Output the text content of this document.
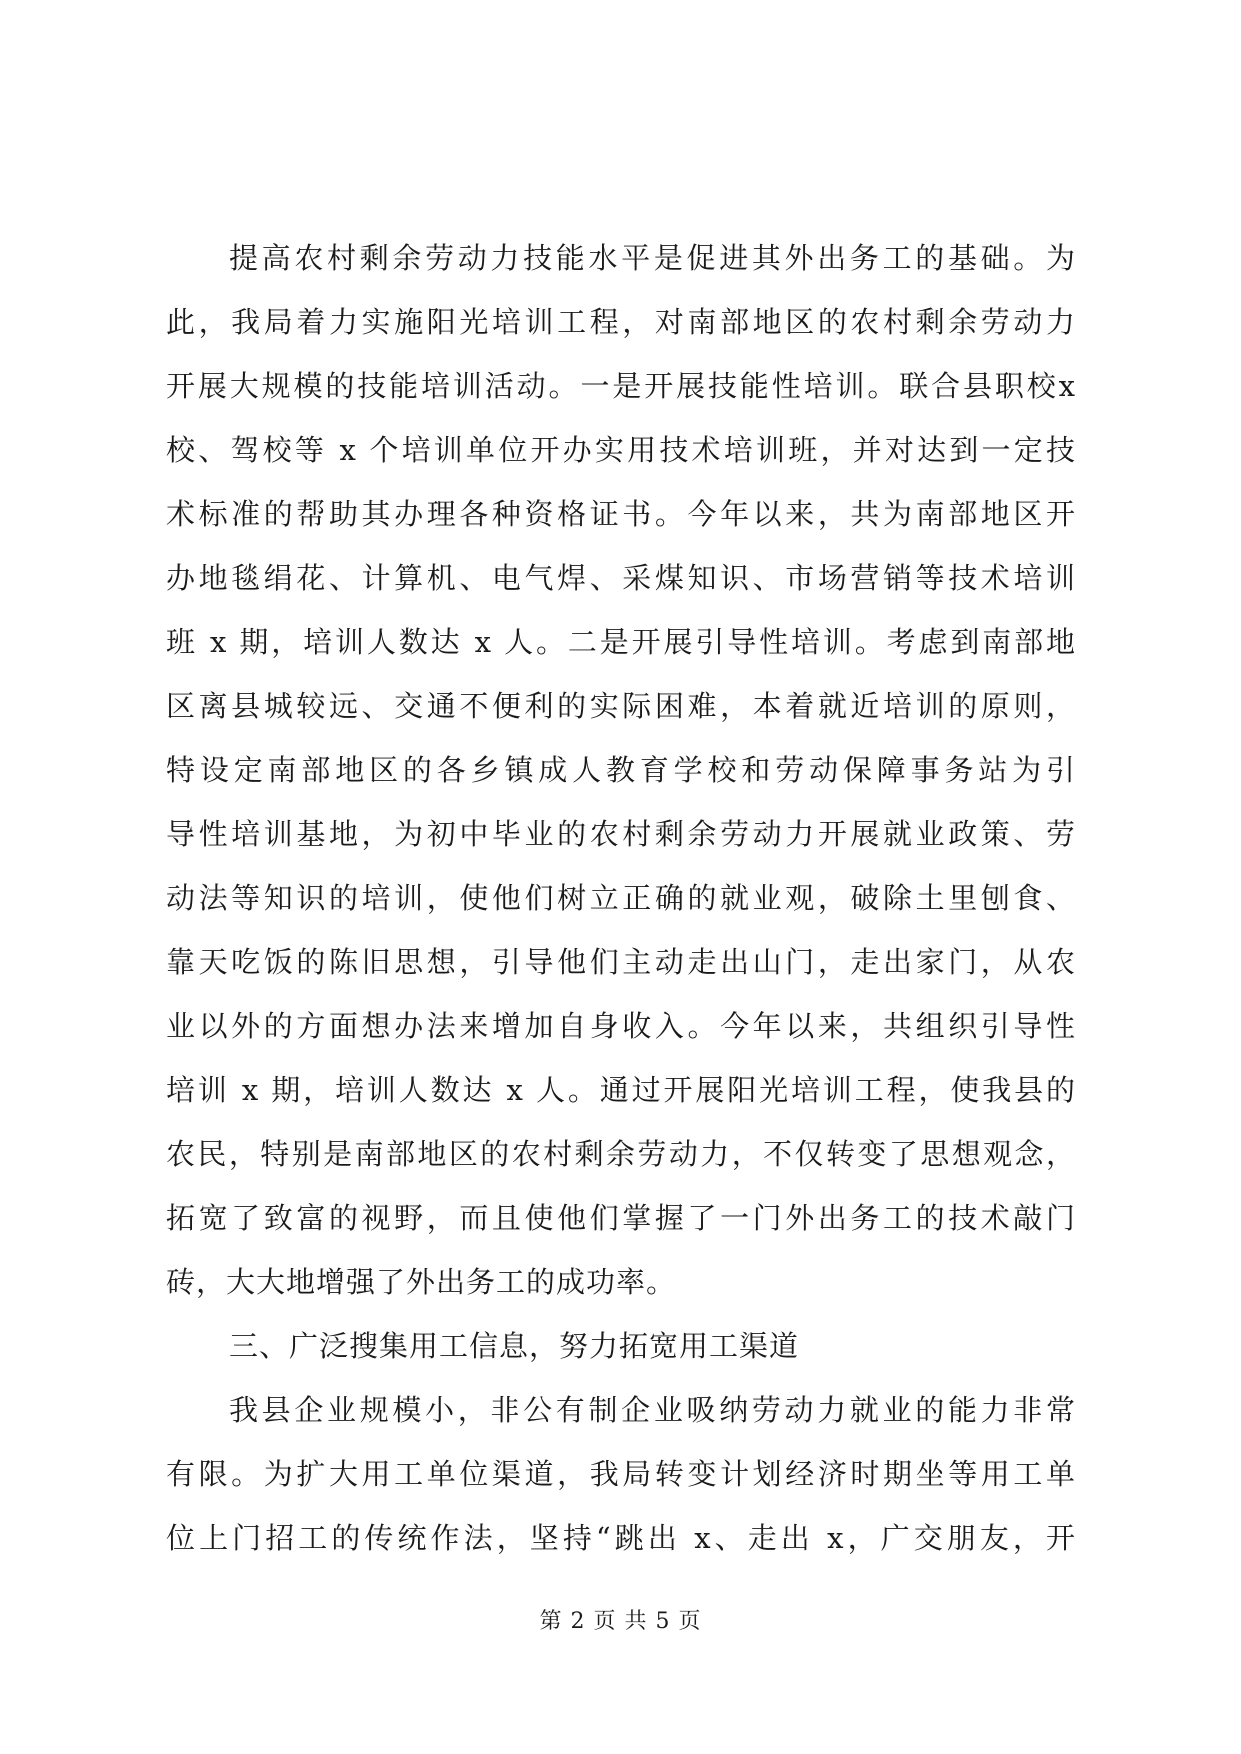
提高农村剩余劳动力技能水平是促进其外出务工的基础。为
此，我局着力实施阳光培训工程，对南部地区的农村剩余劳动力
开展大规模的技能培训活动。一是开展技能性培训。联合县职校x
校、驾校等 x 个培训单位开办实用技术培训班，并对达到一定技
术标准的帮助其办理各种资格证书。今年以来，共为南部地区开
办地毯绢花、计算机、电气焊、采煤知识、市场营销等技术培训
班 x 期，培训人数达 x 人。二是开展引导性培训。考虑到南部地
区离县城较远、交通不便利的实际困难，本着就近培训的原则，
特设定南部地区的各乡镇成人教育学校和劳动保障事务站为引
导性培训基地，为初中毕业的农村剩余劳动力开展就业政策、劳
动法等知识的培训，使他们树立正确的就业观，破除土里刨食、
靠天吃饭的陈旧思想，引导他们主动走出山门，走出家门，从农
业以外的方面想办法来增加自身收入。今年以来，共组织引导性
培训 x 期，培训人数达 x 人。通过开展阳光培训工程，使我县的
农民，特别是南部地区的农村剩余劳动力，不仅转变了思想观念，
拓宽了致富的视野，而且使他们掌握了一门外出务工的技术敲门
砖，大大地增强了外出务工的成功率。
三、广泛搜集用工信息，努力拓宽用工渠道
我县企业规模小，非公有制企业吸纳劳动力就业的能力非常
有限。为扩大用工单位渠道，我局转变计划经济时期坐等用工单
位上门招工的传统作法，坚持“跳出 x、走出 x，广交朋友，开
第 2 页 共 5 页
